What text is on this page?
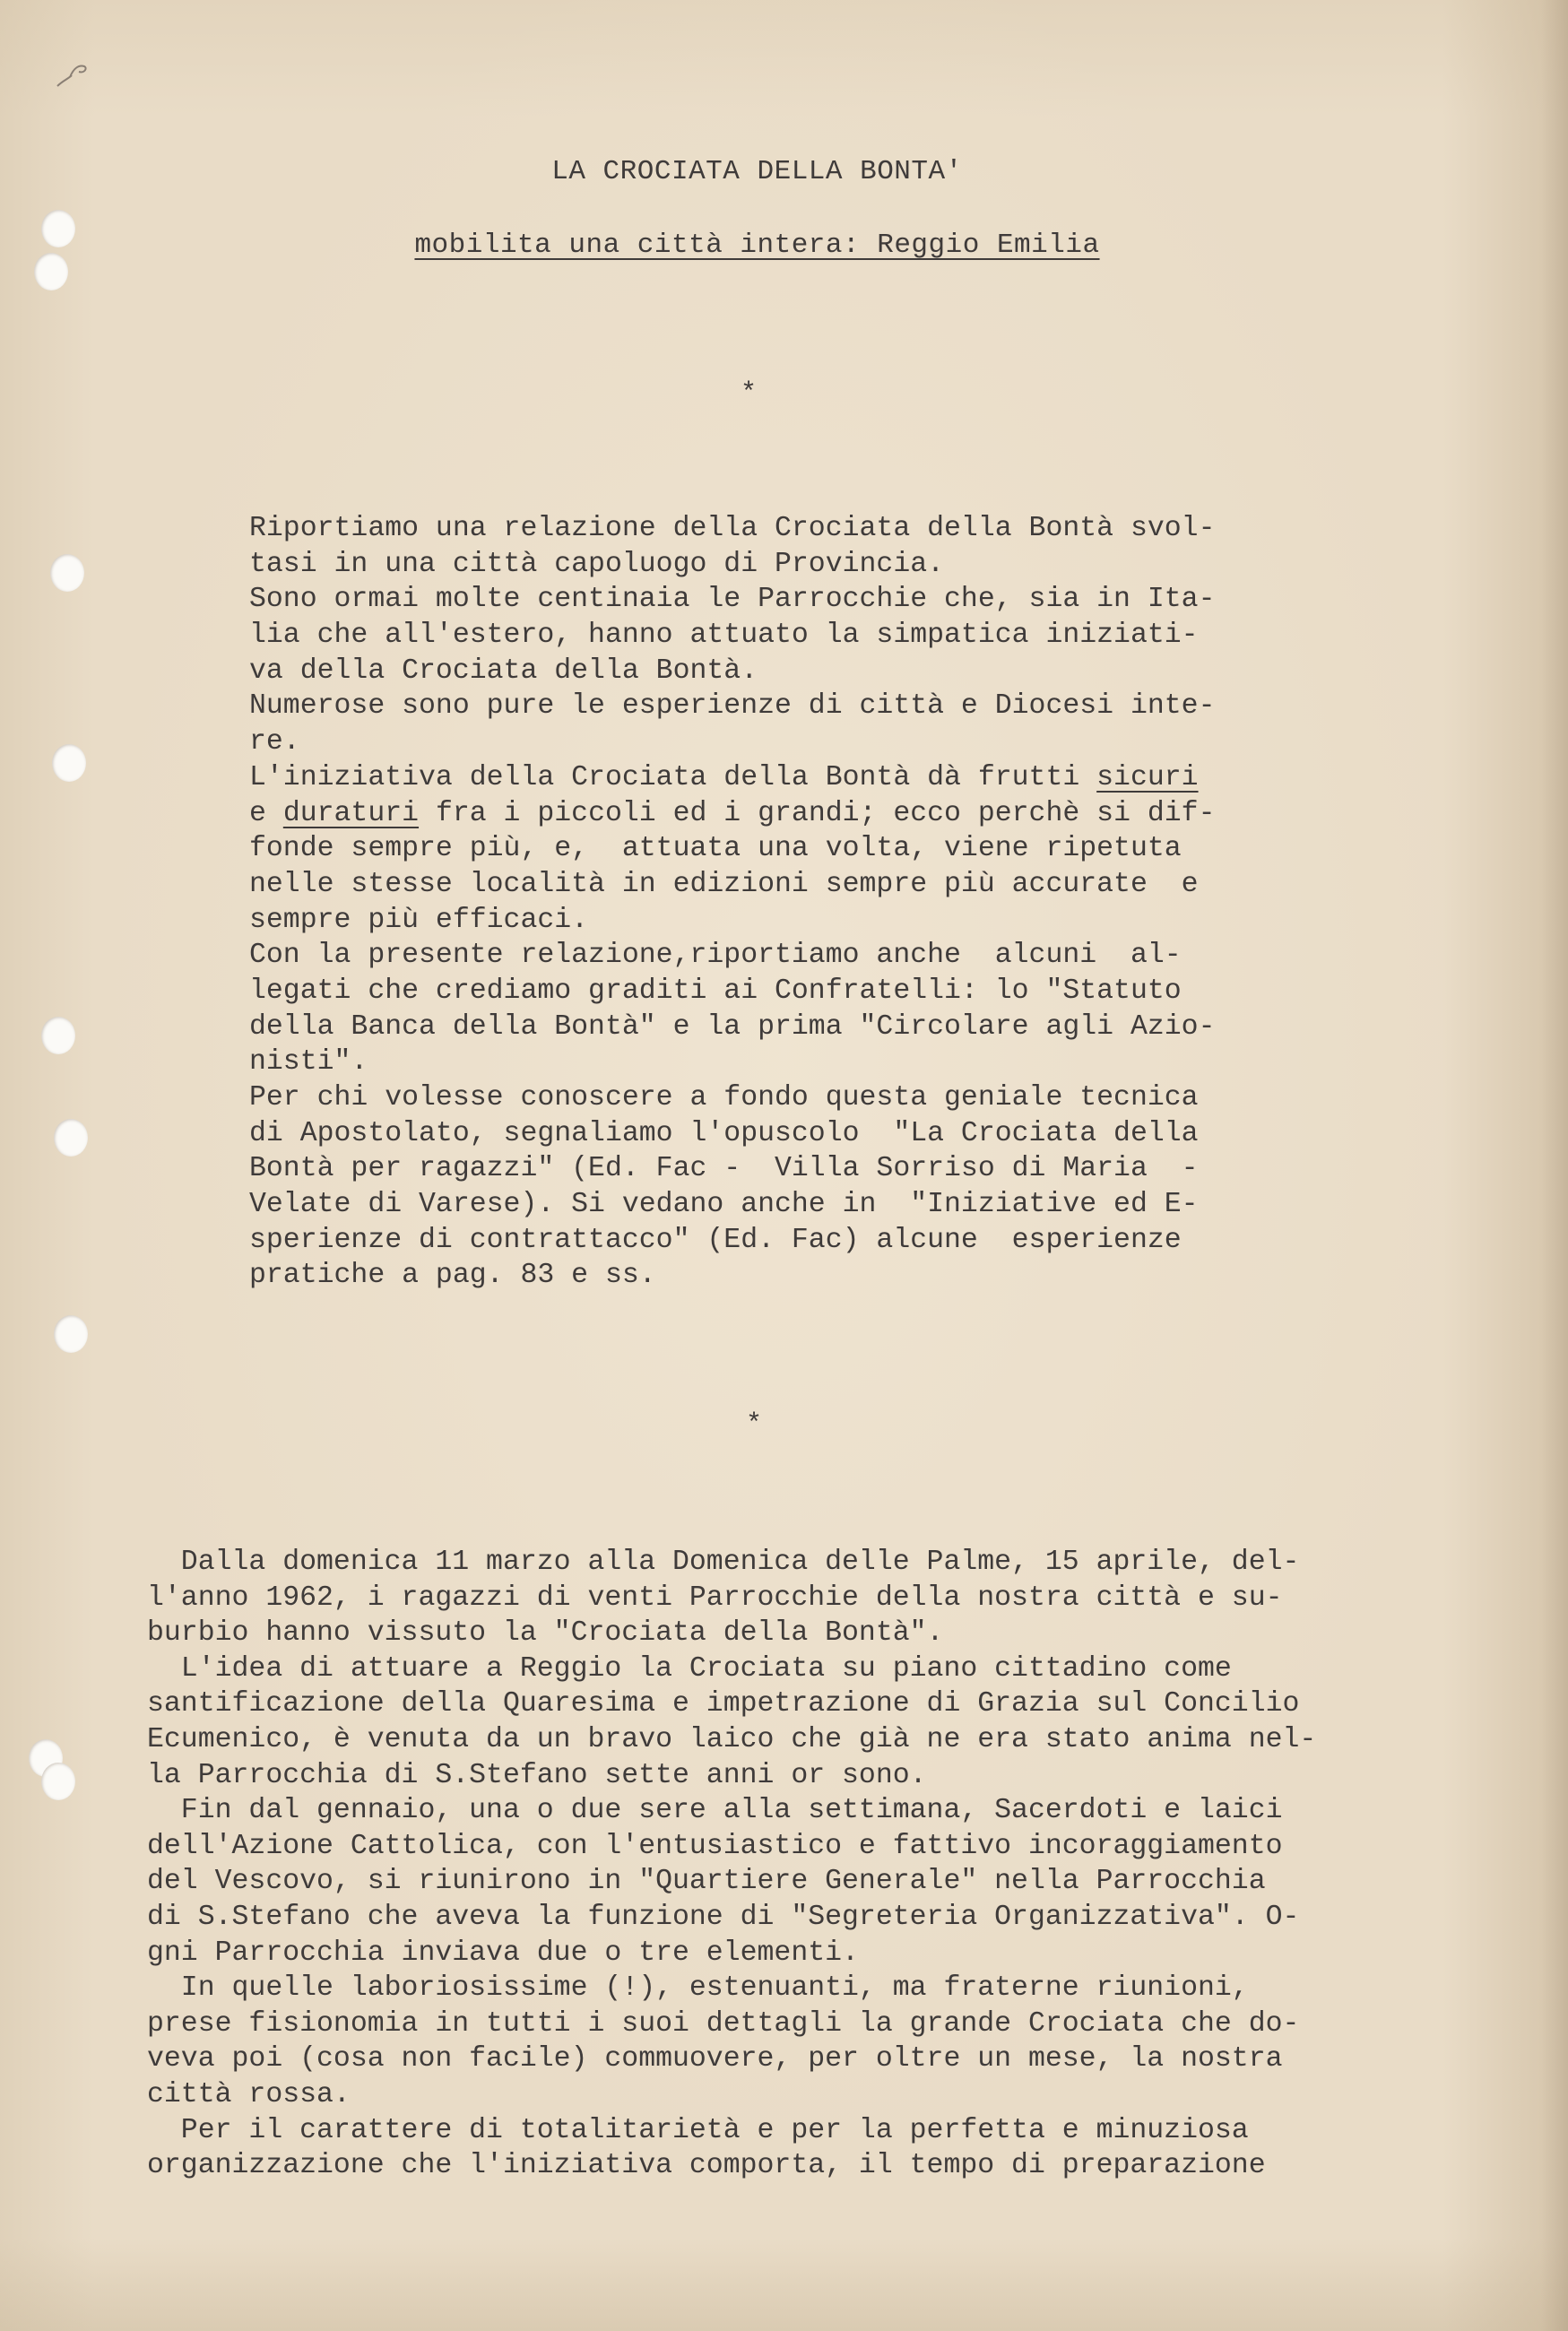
LA CROCIATA DELLA BONTA'
mobilita una città intera: Reggio Emilia
*
Riportiamo una relazione della Crociata della Bontà svol-
tasi in una città capoluogo di Provincia.
Sono ormai molte centinaia le Parrocchie che, sia in Ita-
lia che all'estero, hanno attuato la simpatica iniziati-
va della Crociata della Bontà.
Numerose sono pure le esperienze di città e Diocesi inte-
re.
L'iniziativa della Crociata della Bontà dà frutti sicuri
e duraturi fra i piccoli ed i grandi; ecco perchè si dif-
fonde sempre più, e,  attuata una volta, viene ripetuta
nelle stesse località in edizioni sempre più accurate  e
sempre più efficaci.
Con la presente relazione,riportiamo anche  alcuni  al-
legati che crediamo graditi ai Confratelli: lo "Statuto
della Banca della Bontà" e la prima "Circolare agli Azio-
nisti".
Per chi volesse conoscere a fondo questa geniale tecnica
di Apostolato, segnaliamo l'opuscolo  "La Crociata della
Bontà per ragazzi" (Ed. Fac -  Villa Sorriso di Maria  -
Velate di Varese). Si vedano anche in  "Iniziative ed E-
sperienze di contrattacco" (Ed. Fac) alcune  esperienze
pratiche a pag. 83 e ss.
*
Dalla domenica 11 marzo alla Domenica delle Palme, 15 aprile, del-
l'anno 1962, i ragazzi di venti Parrocchie della nostra città e su-
burbio hanno vissuto la "Crociata della Bontà".
L'idea di attuare a Reggio la Crociata su piano cittadino come
santificazione della Quaresima e impetrazione di Grazia sul Concilio
Ecumenico, è venuta da un bravo laico che già ne era stato anima nel-
la Parrocchia di S.Stefano sette anni or sono.
Fin dal gennaio, una o due sere alla settimana, Sacerdoti e laici
dell'Azione Cattolica, con l'entusiastico e fattivo incoraggiamento
del Vescovo, si riunirono in "Quartiere Generale" nella Parrocchia
di S.Stefano che aveva la funzione di "Segreteria Organizzativa". O-
gni Parrocchia inviava due o tre elementi.
In quelle laboriosissime (!), estenuanti, ma fraterne riunioni,
prese fisionomia in tutti i suoi dettagli la grande Crociata che do-
veva poi (cosa non facile) commuovere, per oltre un mese, la nostra
città rossa.
Per il carattere di totalitarietà e per la perfetta e minuziosa
organizzazione che l'iniziativa comporta, il tempo di preparazione
